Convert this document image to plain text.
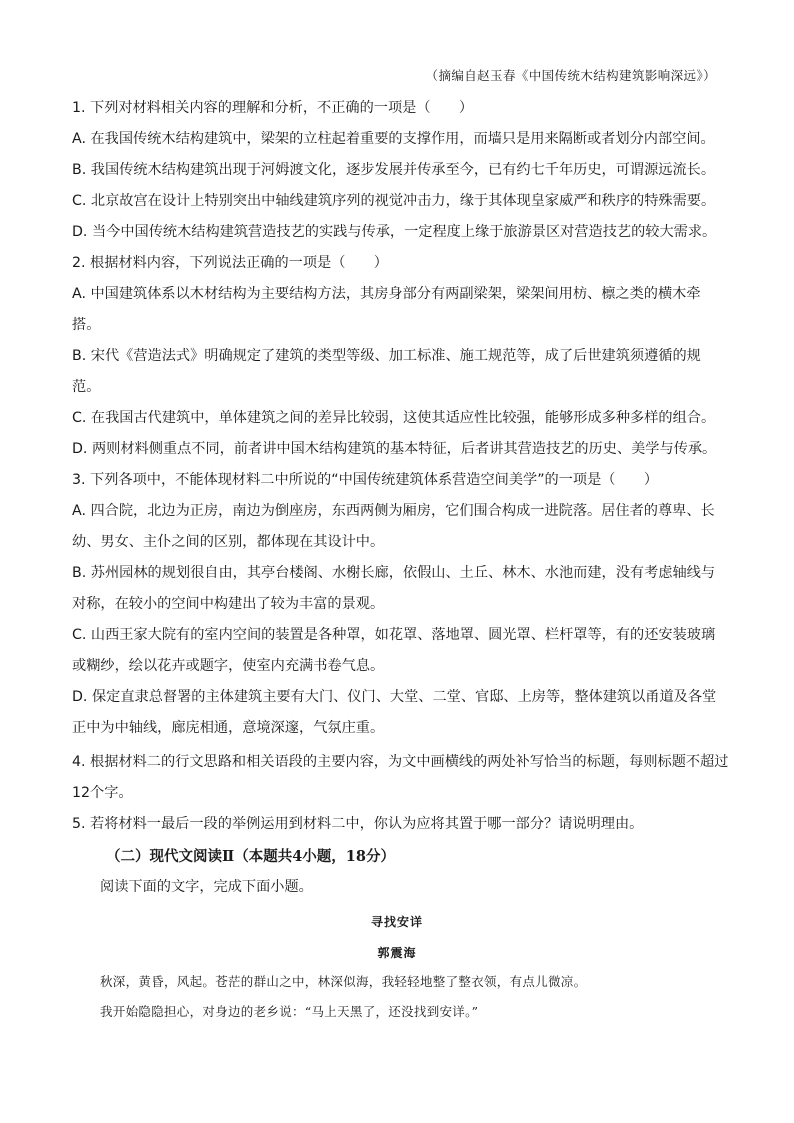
（摘编自赵玉春《中国传统木结构建筑影响深远》）
1. 下列对材料相关内容的理解和分析，不正确的一项是（　　）
A. 在我国传统木结构建筑中，梁架的立柱起着重要的支撑作用，而墙只是用来隔断或者划分内部空间。
B. 我国传统木结构建筑出现于河姆渡文化，逐步发展并传承至今，已有约七千年历史，可谓源远流长。
C. 北京故宫在设计上特别突出中轴线建筑序列的视觉冲击力，缘于其体现皇家威严和秩序的特殊需要。
D. 当今中国传统木结构建筑营造技艺的实践与传承，一定程度上缘于旅游景区对营造技艺的较大需求。
2. 根据材料内容，下列说法正确的一项是（　　）
A. 中国建筑体系以木材结构为主要结构方法，其房身部分有两副梁架，梁架间用枋、檩之类的横木牵
搭。
B. 宋代《营造法式》明确规定了建筑的类型等级、加工标准、施工规范等，成了后世建筑须遵循的规
范。
C. 在我国古代建筑中，单体建筑之间的差异比较弱，这使其适应性比较强，能够形成多种多样的组合。
D. 两则材料侧重点不同，前者讲中国木结构建筑的基本特征，后者讲其营造技艺的历史、美学与传承。
3. 下列各项中，不能体现材料二中所说的“中国传统建筑体系营造空间美学”的一项是（　　）
A. 四合院，北边为正房，南边为倒座房，东西两侧为厢房，它们围合构成一进院落。居住者的尊卑、长
幼、男女、主仆之间的区别，都体现在其设计中。
B. 苏州园林的规划很自由，其亭台楼阁、水榭长廊，依假山、土丘、林木、水池而建，没有考虑轴线与
对称，在较小的空间中构建出了较为丰富的景观。
C. 山西王家大院有的室内空间的装置是各种罩，如花罩、落地罩、圆光罩、栏杆罩等，有的还安装玻璃
或糊纱，绘以花卉或题字，使室内充满书卷气息。
D. 保定直隶总督署的主体建筑主要有大门、仪门、大堂、二堂、官邸、上房等，整体建筑以甬道及各堂
正中为中轴线，廊庑相通，意境深邃，气氛庄重。
4. 根据材料二的行文思路和相关语段的主要内容，为文中画横线的两处补写恰当的标题，每则标题不超过
12个字。
5. 若将材料一最后一段的举例运用到材料二中，你认为应将其置于哪一部分？请说明理由。
（二）现代文阅读Ⅱ（本题共4小题，18分）
阅读下面的文字，完成下面小题。
寻找安详
郭震海
秋深，黄昏，风起。苍茫的群山之中，林深似海，我轻轻地整了整衣领，有点儿微凉。
我开始隐隐担心，对身边的老乡说：“马上天黑了，还没找到安详。”
